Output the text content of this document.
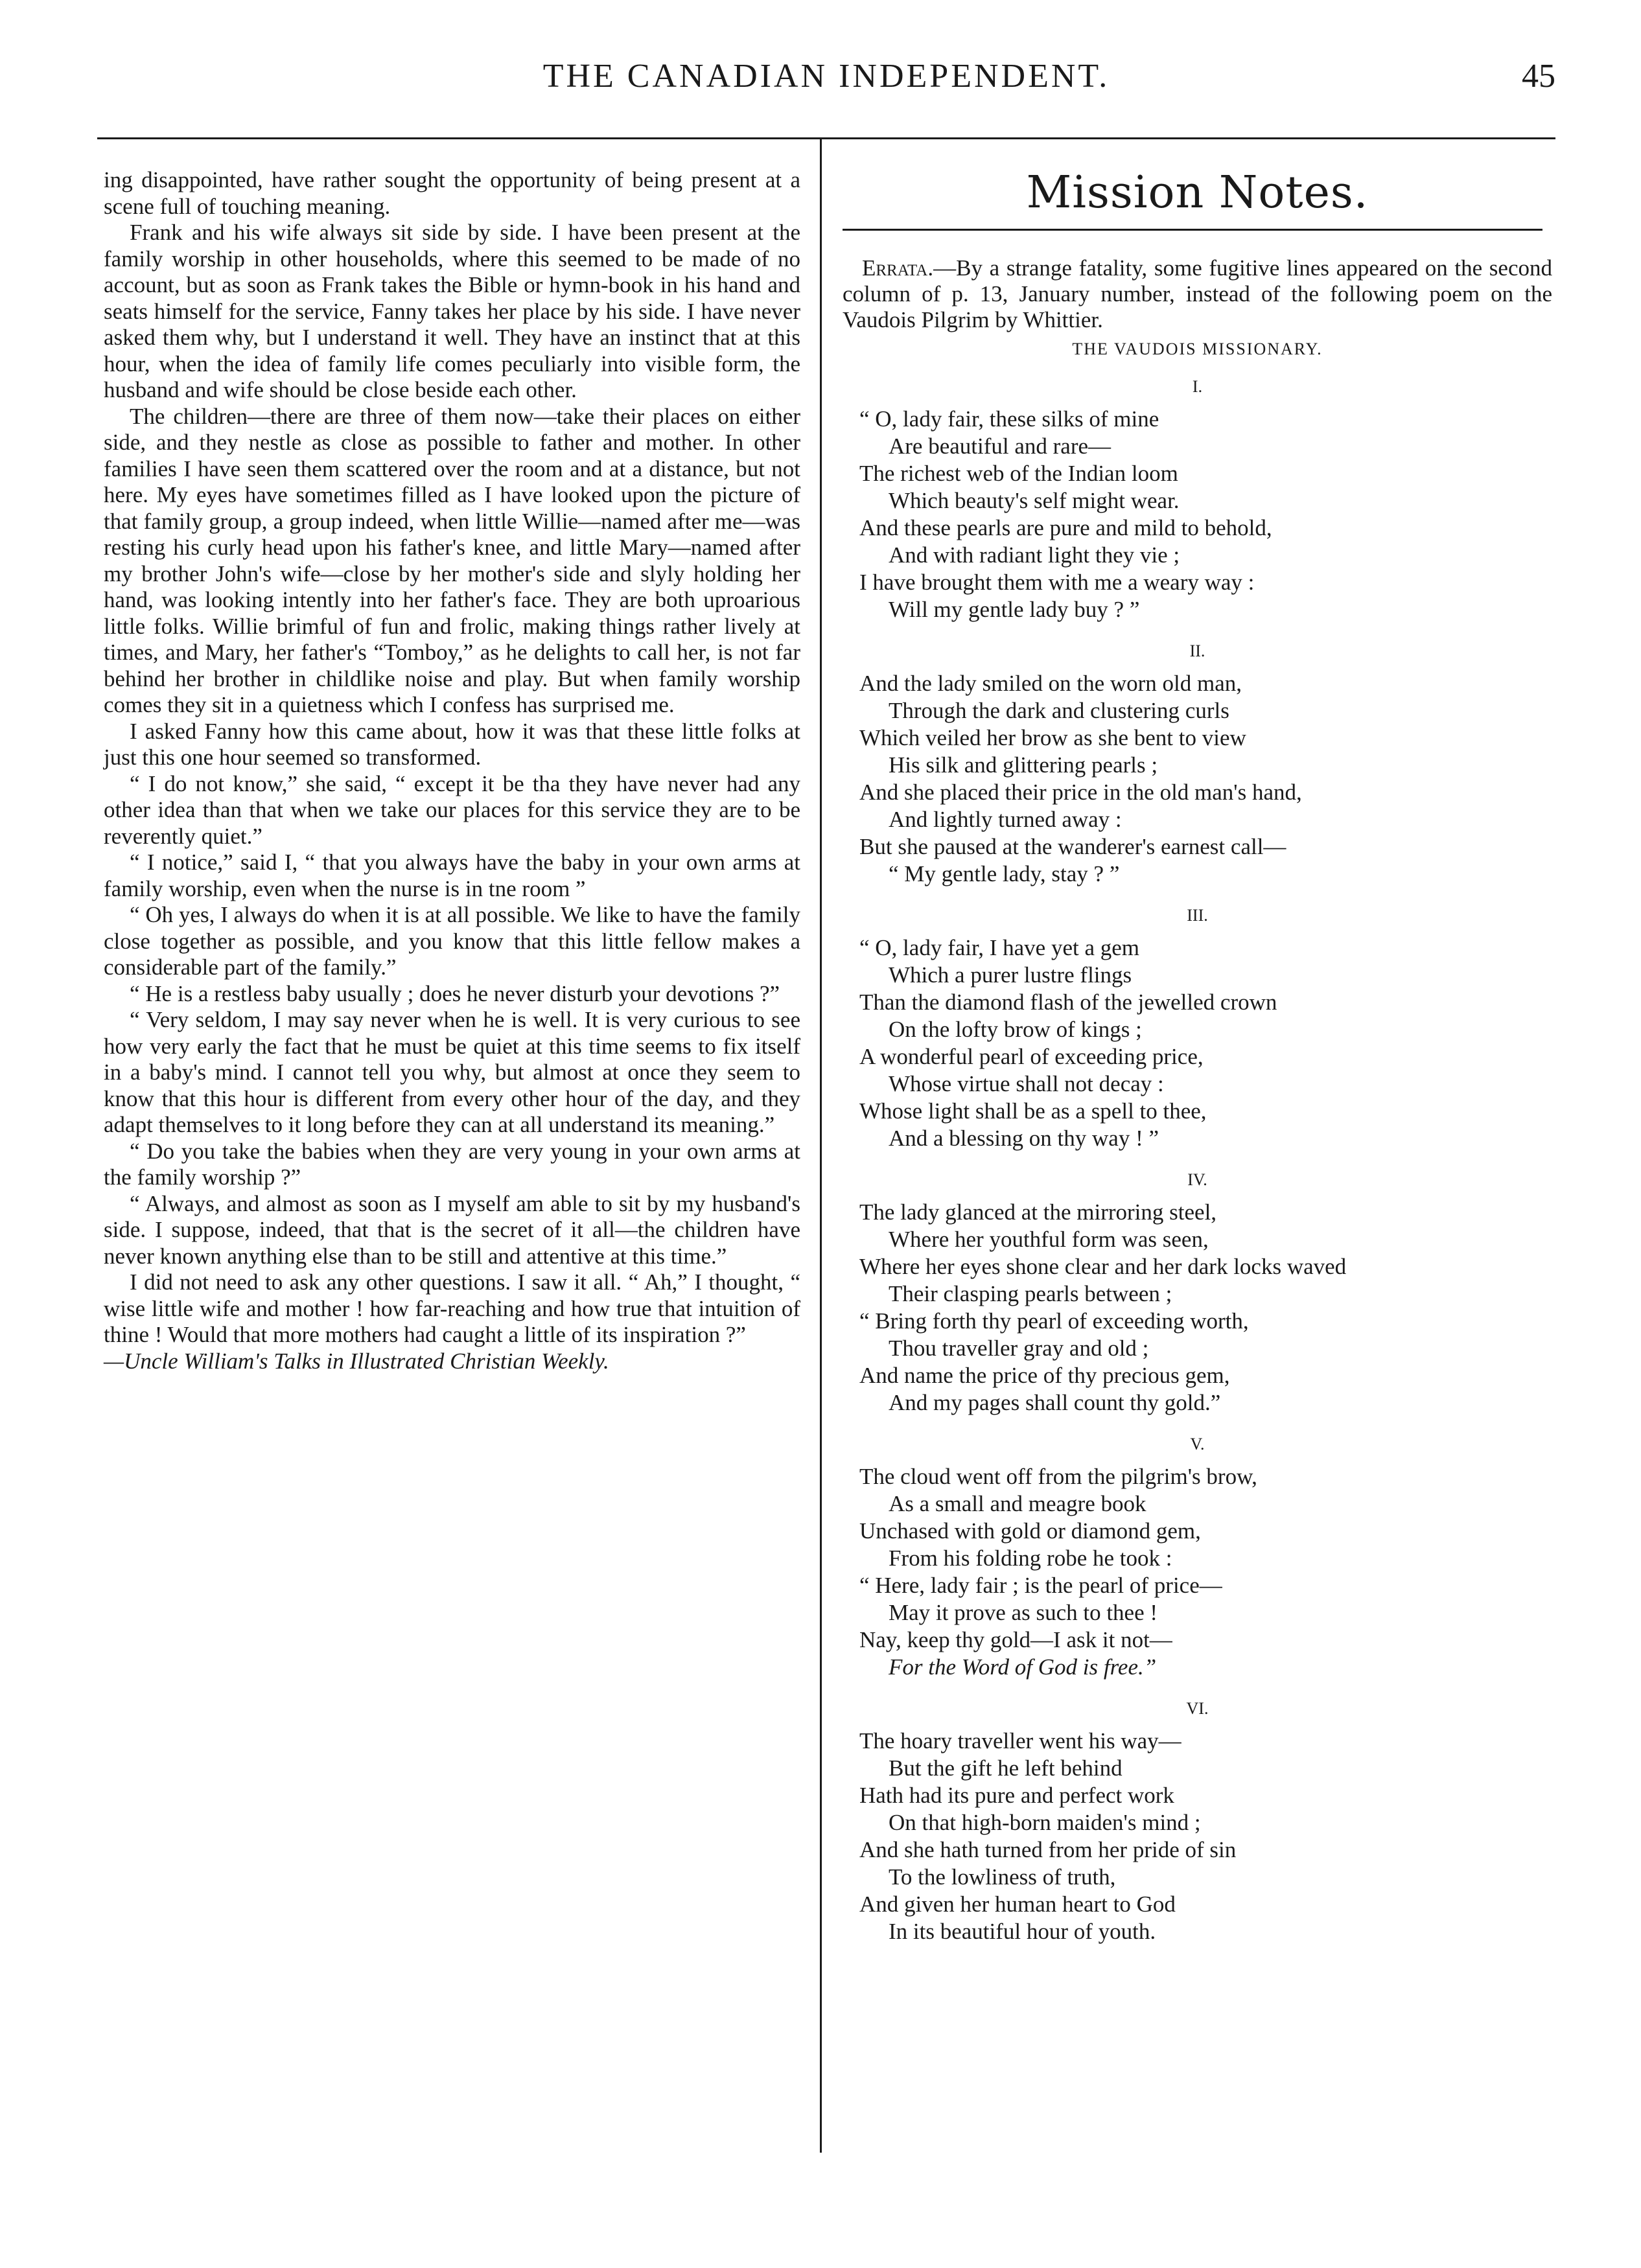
THE CANADIAN INDEPENDENT.	45

ing disappointed, have rather sought the opportunity of being present at a scene full of touching meaning.

Frank and his wife always sit side by side. I have been present at the family worship in other households, where this seemed to be made of no account, but as soon as Frank takes the Bible or hymn-book in his hand and seats himself for the service, Fanny takes her place by his side. I have never asked them why, but I understand it well. They have an instinct that at this hour, when the idea of family life comes peculiarly into visible form, the husband and wife should be close beside each other.

The children—there are three of them now—take their places on either side, and they nestle as close as possible to father and mother. In other families I have seen them scattered over the room and at a distance, but not here. My eyes have sometimes filled as I have looked upon the picture of that family group, a group indeed, when little Willie—named after me—was resting his curly head upon his father's knee, and little Mary—named after my brother John's wife—close by her mother's side and slyly holding her hand, was looking intently into her father's face. They are both uproarious little folks. Willie brimful of fun and frolic, making things rather lively at times, and Mary, her father's “Tomboy,” as he delights to call her, is not far behind her brother in childlike noise and play. But when family worship comes they sit in a quietness which I confess has surprised me.

I asked Fanny how this came about, how it was that these little folks at just this one hour seemed so transformed.

“ I do not know,” she said, “ except it be tha they have never had any other idea than that when we take our places for this service they are to be reverently quiet.”

“ I notice,” said I, “ that you always have the baby in your own arms at family worship, even when the nurse is in tne room ”

“ Oh yes, I always do when it is at all possible. We like to have the family close together as possible, and you know that this little fellow makes a considerable part of the family.”

“ He is a restless baby usually ; does he never disturb your devotions ?”

“ Very seldom, I may say never when he is well. It is very curious to see how very early the fact that he must be quiet at this time seems to fix itself in a baby's mind. I cannot tell you why, but almost at once they seem to know that this hour is different from every other hour of the day, and they adapt themselves to it long before they can at all understand its meaning.”

“ Do you take the babies when they are very young in your own arms at the family worship ?”

“ Always, and almost as soon as I myself am able to sit by my husband's side. I suppose, indeed, that that is the secret of it all—the children have never known anything else than to be still and attentive at this time.”

I did not need to ask any other questions. I saw it all. “ Ah,” I thought, “ wise little wife and mother ! how far-reaching and how true that intuition of thine ! Would that more mothers had caught a little of its inspiration ?”

—Uncle William's Talks in Illustrated Christian Weekly.

Mission Notes.

Errata.—By a strange fatality, some fugitive lines appeared on the second column of p. 13, January number, instead of the following poem on the Vaudois Pilgrim by Whittier.

THE VAUDOIS MISSIONARY.
I.
“ O, lady fair, these silks of mine
Are beautiful and rare—
The richest web of the Indian loom
Which beauty's self might wear.
And these pearls are pure and mild to behold,
And with radiant light they vie ;
I have brought them with me a weary way :
Will my gentle lady buy ? ”
II.
And the lady smiled on the worn old man,
Through the dark and clustering curls
Which veiled her brow as she bent to view
His silk and glittering pearls ;
And she placed their price in the old man's hand,
And lightly turned away :
But she paused at the wanderer's earnest call—
“ My gentle lady, stay ? ”
III.
“ O, lady fair, I have yet a gem
Which a purer lustre flings
Than the diamond flash of the jewelled crown
On the lofty brow of kings ;
A wonderful pearl of exceeding price,
Whose virtue shall not decay :
Whose light shall be as a spell to thee,
And a blessing on thy way ! ”
IV.
The lady glanced at the mirroring steel,
Where her youthful form was seen,
Where her eyes shone clear and her dark locks waved
Their clasping pearls between ;
“ Bring forth thy pearl of exceeding worth,
Thou traveller gray and old ;
And name the price of thy precious gem,
And my pages shall count thy gold.”
V.
The cloud went off from the pilgrim's brow,
As a small and meagre book
Unchased with gold or diamond gem,
From his folding robe he took :
“ Here, lady fair ; is the pearl of price—
May it prove as such to thee !
Nay, keep thy gold—I ask it not—
For the Word of God is free.”
VI.
The hoary traveller went his way—
But the gift he left behind
Hath had its pure and perfect work
On that high-born maiden's mind ;
And she hath turned from her pride of sin
To the lowliness of truth,
And given her human heart to God
In its beautiful hour of youth.
